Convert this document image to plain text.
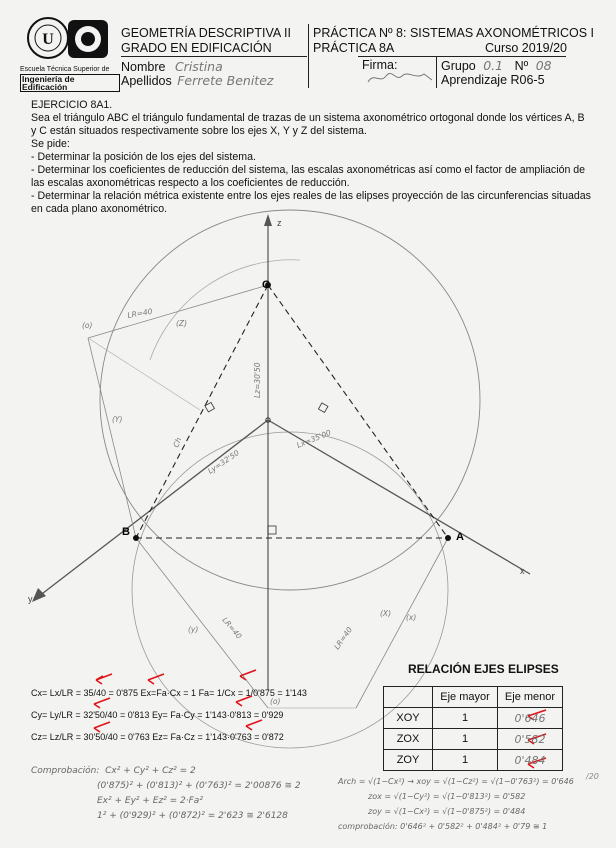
U
Escuela Técnica Superior de
Ingeniería de Edificación
GEOMETRÍA DESCRIPTIVA II
GRADO EN EDIFICACIÓN
Nombre Cristina
Apellidos Ferrete Benitez
PRÁCTICA Nº 8: SISTEMAS AXONOMÉTRICOS I
PRÁCTICA 8A	Curso 2019/20
Firma:	Grupo 0.1 Nº 08
Aprendizaje R06-5
EJERCICIO 8A1.
Sea el triángulo ABC el triángulo fundamental de trazas de un sistema axonométrico ortogonal donde los vértices A, B y C están situados respectivamente sobre los ejes X, Y y Z del sistema.
Se pide:
- Determinar la posición de los ejes del sistema.
- Determinar los coeficientes de reducción del sistema, las escalas axonométricas así como el factor de ampliación de las escalas axonométricas respecto a los coeficientes de reducción.
- Determinar la relación métrica existente entre los ejes reales de las elipses proyección de las circunferencias situadas en cada plano axonométrico.
C
A
B
z
y
x
LR=40
(Z)
(Y)
(X)
Ch
Lz=30'50
Lx=35'00
Ly=32'50
LR=40	LR=40
(y)
(x)
(o)
(o)
Cx= Lx/LR = 35/40 = 0'875 Ex=Fa·Cx = 1 Fa= 1/Cx = 1/0'875 = 1'143
Cy= Ly/LR = 32'50/40 = 0'813 Ey= Fa·Cy = 1'143·0'813 = 0'929
Cz= Lz/LR = 30'50/40 = 0'763 Ez= Fa·Cz = 1'143·0'763 = 0'872
Comprobación: Cx² + Cy² + Cz² = 2
(0'875)² + (0'813)² + (0'763)² = 2'00876 ≅ 2
Ex² + Ey² + Ez² = 2·Fa²
1² + (0'929)² + (0'872)² = 2'623 ≅ 2'6128
RELACIÓN EJES ELIPSES
	Eje mayor	Eje menor
XOY	1	0'646
ZOX	1	0'582
ZOY	1	0'484
Arch = √(1−Cx²) → xoy = √(1−Cz²) = √(1−0'763²) = 0'646
zox = √(1−Cy²) = √(1−0'813²) = 0'582
zoy = √(1−Cx²) = √(1−0'875²) = 0'484
comprobación: 0'646² + 0'582² + 0'484² + 0'79 ≅ 1
/20
